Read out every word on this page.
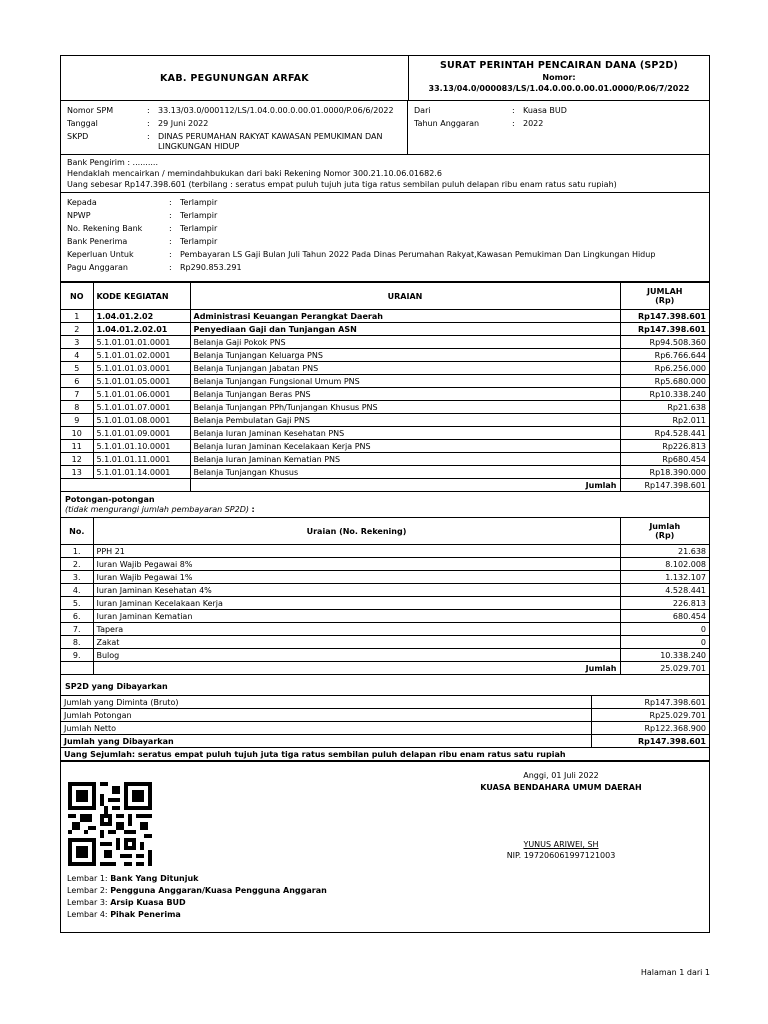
KAB. PEGUNUNGAN ARFAK
SURAT PERINTAH PENCAIRAN DANA (SP2D)
Nomor:
33.13/04.0/000083/LS/1.04.0.00.0.00.01.0000/P.06/7/2022
Nomor SPM	:	33.13/03.0/000112/LS/1.04.0.00.0.00.01.0000/P.06/6/2022
Tanggal	:	29 Juni 2022
SKPD	:	DINAS PERUMAHAN RAKYAT KAWASAN PEMUKIMAN DAN LINGKUNGAN HIDUP
Dari	:	Kuasa BUD
Tahun Anggaran	:	2022
Bank Pengirim : ..........
Hendaklah mencairkan / memindahbukukan dari baki Rekening Nomor 300.21.10.06.01682.6
Uang sebesar Rp147.398.601 (terbilang : seratus empat puluh tujuh juta tiga ratus sembilan puluh delapan ribu enam ratus satu rupiah)
Kepada	:	Terlampir
NPWP	:	Terlampir
No. Rekening Bank	:	Terlampir
Bank Penerima	:	Terlampir
Keperluan Untuk	:	Pembayaran LS Gaji Bulan Juli Tahun 2022 Pada Dinas Perumahan Rakyat,Kawasan Pemukiman Dan Lingkungan Hidup
Pagu Anggaran	:	Rp290.853.291
NO	KODE KEGIATAN	URAIAN	JUMLAH
(Rp)

1	1.04.01.2.02	Administrasi Keuangan Perangkat Daerah	Rp147.398.601
2	1.04.01.2.02.01	Penyediaan Gaji dan Tunjangan ASN	Rp147.398.601
3	5.1.01.01.01.0001	Belanja Gaji Pokok PNS	Rp94.508.360
4	5.1.01.01.02.0001	Belanja Tunjangan Keluarga PNS	Rp6.766.644
5	5.1.01.01.03.0001	Belanja Tunjangan Jabatan PNS	Rp6.256.000
6	5.1.01.01.05.0001	Belanja Tunjangan Fungsional Umum PNS	Rp5.680.000
7	5.1.01.01.06.0001	Belanja Tunjangan Beras PNS	Rp10.338.240
8	5.1.01.01.07.0001	Belanja Tunjangan PPh/Tunjangan Khusus PNS	Rp21.638
9	5.1.01.01.08.0001	Belanja Pembulatan Gaji PNS	Rp2.011
10	5.1.01.01.09.0001	Belanja Iuran Jaminan Kesehatan PNS	Rp4.528.441
11	5.1.01.01.10.0001	Belanja Iuran Jaminan Kecelakaan Kerja PNS	Rp226.813
12	5.1.01.01.11.0001	Belanja Iuran Jaminan Kematian PNS	Rp680.454
13	5.1.01.01.14.0001	Belanja Tunjangan Khusus	Rp18.390.000
		Jumlah	Rp147.398.601
Potongan-potongan
(tidak mengurangi jumlah pembayaran SP2D) :
No.	Uraian (No. Rekening)	Jumlah
(Rp)

1.	PPH 21	21.638
2.	Iuran Wajib Pegawai 8%	8.102.008
3.	Iuran Wajib Pegawai 1%	1.132.107
4.	Iuran Jaminan Kesehatan 4%	4.528.441
5.	Iuran Jaminan Kecelakaan Kerja	226.813
6.	Iuran Jaminan Kematian	680.454
7.	Tapera	0
8.	Zakat	0
9.	Bulog	10.338.240
	Jumlah	25.029.701
SP2D yang Dibayarkan
Jumlah yang Diminta (Bruto)	Rp147.398.601
Jumlah Potongan	Rp25.029.701
Jumlah Netto	Rp122.368.900
Jumlah yang Dibayarkan	Rp147.398.601
Uang Sejumlah: seratus empat puluh tujuh juta tiga ratus sembilan puluh delapan ribu enam ratus satu rupiah	
Anggi, 01 Juli 2022
KUASA BENDAHARA UMUM DAERAH
YUNUS ARIWEI, SH
NIP. 197206061997121003
Lembar 1: Bank Yang Ditunjuk
Lembar 2: Pengguna Anggaran/Kuasa Pengguna Anggaran
Lembar 3: Arsip Kuasa BUD
Lembar 4: Pihak Penerima
Halaman 1 dari 1
